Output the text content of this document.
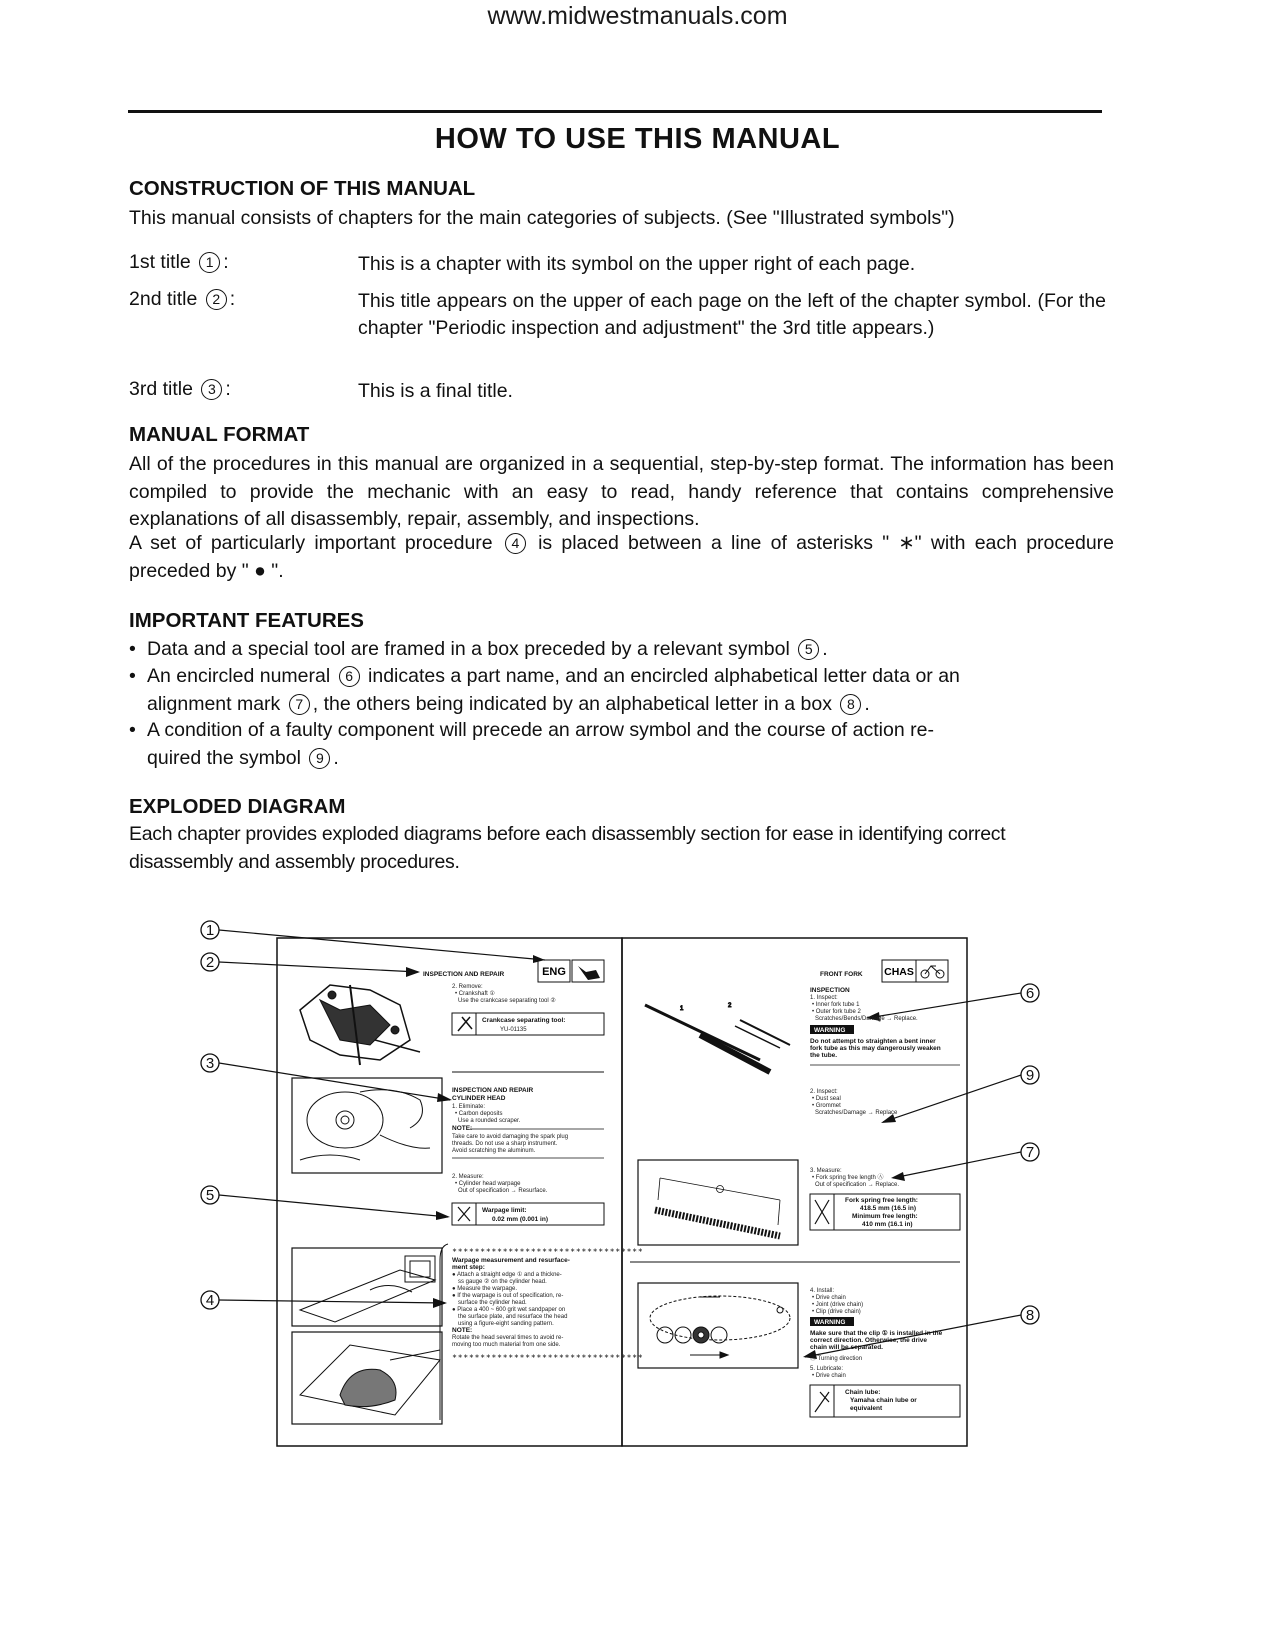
www.midwestmanuals.com
HOW TO USE THIS MANUAL
CONSTRUCTION OF THIS MANUAL
This manual consists of chapters for the main categories of subjects. (See "Illustrated symbols")
1st title 1 :	This is a chapter with its symbol on the upper right of each page.
2nd title 2 :	This title appears on the upper of each page on the left of the chapter symbol. (For the chapter "Periodic inspection and adjustment" the 3rd title appears.)
3rd title 3 :	This is a final title.
MANUAL FORMAT
All of the procedures in this manual are organized in a sequential, step-by-step format. The information has been compiled to provide the mechanic with an easy to read, handy reference that contains comprehensive explanations of all disassembly, repair, assembly, and inspections.
A set of particularly important procedure 4 is placed between a line of asterisks " ∗" with each procedure preceded by " ● ".
IMPORTANT FEATURES
• Data and a special tool are framed in a box preceded by a relevant symbol 5 .
• An encircled numeral 6 indicates a part name, and an encircled alphabetical letter data or an
alignment mark 7 , the others being indicated by an alphabetical letter in a box 8 .
• A condition of a faulty component will precede an arrow symbol and the course of action re-
quired the symbol 9 .
EXPLODED DIAGRAM
Each chapter provides exploded diagrams before each disassembly section for ease in identifying correct disassembly and assembly procedures.
1
2
3
5
4
6
9
7
8
INSPECTION AND REPAIR	ENG
2. Remove:
• Crankshaft ①
Use the crankcase separating tool ②
Crankcase separating tool:
YU-01135
INSPECTION AND REPAIR
CYLINDER HEAD
1. Eliminate:
• Carbon deposits
Use a rounded scraper.
NOTE:
Take care to avoid damaging the spark plug
threads. Do not use a sharp instrument.
Avoid scratching the aluminum.
2. Measure:
• Cylinder head warpage
Out of specification → Resurface.
Warpage limit:
0.02 mm (0.001 in)
∗∗∗∗∗∗∗∗∗∗∗∗∗∗∗∗∗∗∗∗∗∗∗∗∗∗∗∗∗∗∗∗∗∗
Warpage measurement and resurface-
ment step:
● Attach a straight edge ① and a thickne-
ss gauge ② on the cylinder head.
● Measure the warpage.
● If the warpage is out of specification, re-
surface the cylinder head.
● Place a 400 ~ 600 grit wet sandpaper on
the surface plate, and resurface the head
using a figure-eight sanding pattern.
NOTE:
Rotate the head several times to avoid re-
moving too much material from one side.
∗∗∗∗∗∗∗∗∗∗∗∗∗∗∗∗∗∗∗∗∗∗∗∗∗∗∗∗∗∗∗∗∗∗
FRONT FORK CHAS
1	2
INSPECTION
1. Inspect:
• Inner fork tube 1
• Outer fork tube 2
Scratches/Bends/Damage → Replace.
WARNING
Do not attempt to straighten a bent inner
fork tube as this may dangerously weaken
the tube.
2. Inspect:
• Dust seal
• Grommet
Scratches/Damage → Replace
3. Measure:
• Fork spring free length Ⓐ
Out of specification → Replace.
Fork spring free length:
418.5 mm (16.5 in)
Minimum free length:
410 mm (16.1 in)
4. Install:
• Drive chain
• Joint (drive chain)
• Clip (drive chain)
WARNING
Make sure that the clip ① is installed in the
correct direction. Otherwise, the drive
chain will be separated.
Ⓐ Turning direction
5. Lubricate:
• Drive chain
Chain lube:
Yamaha chain lube or
equivalent
